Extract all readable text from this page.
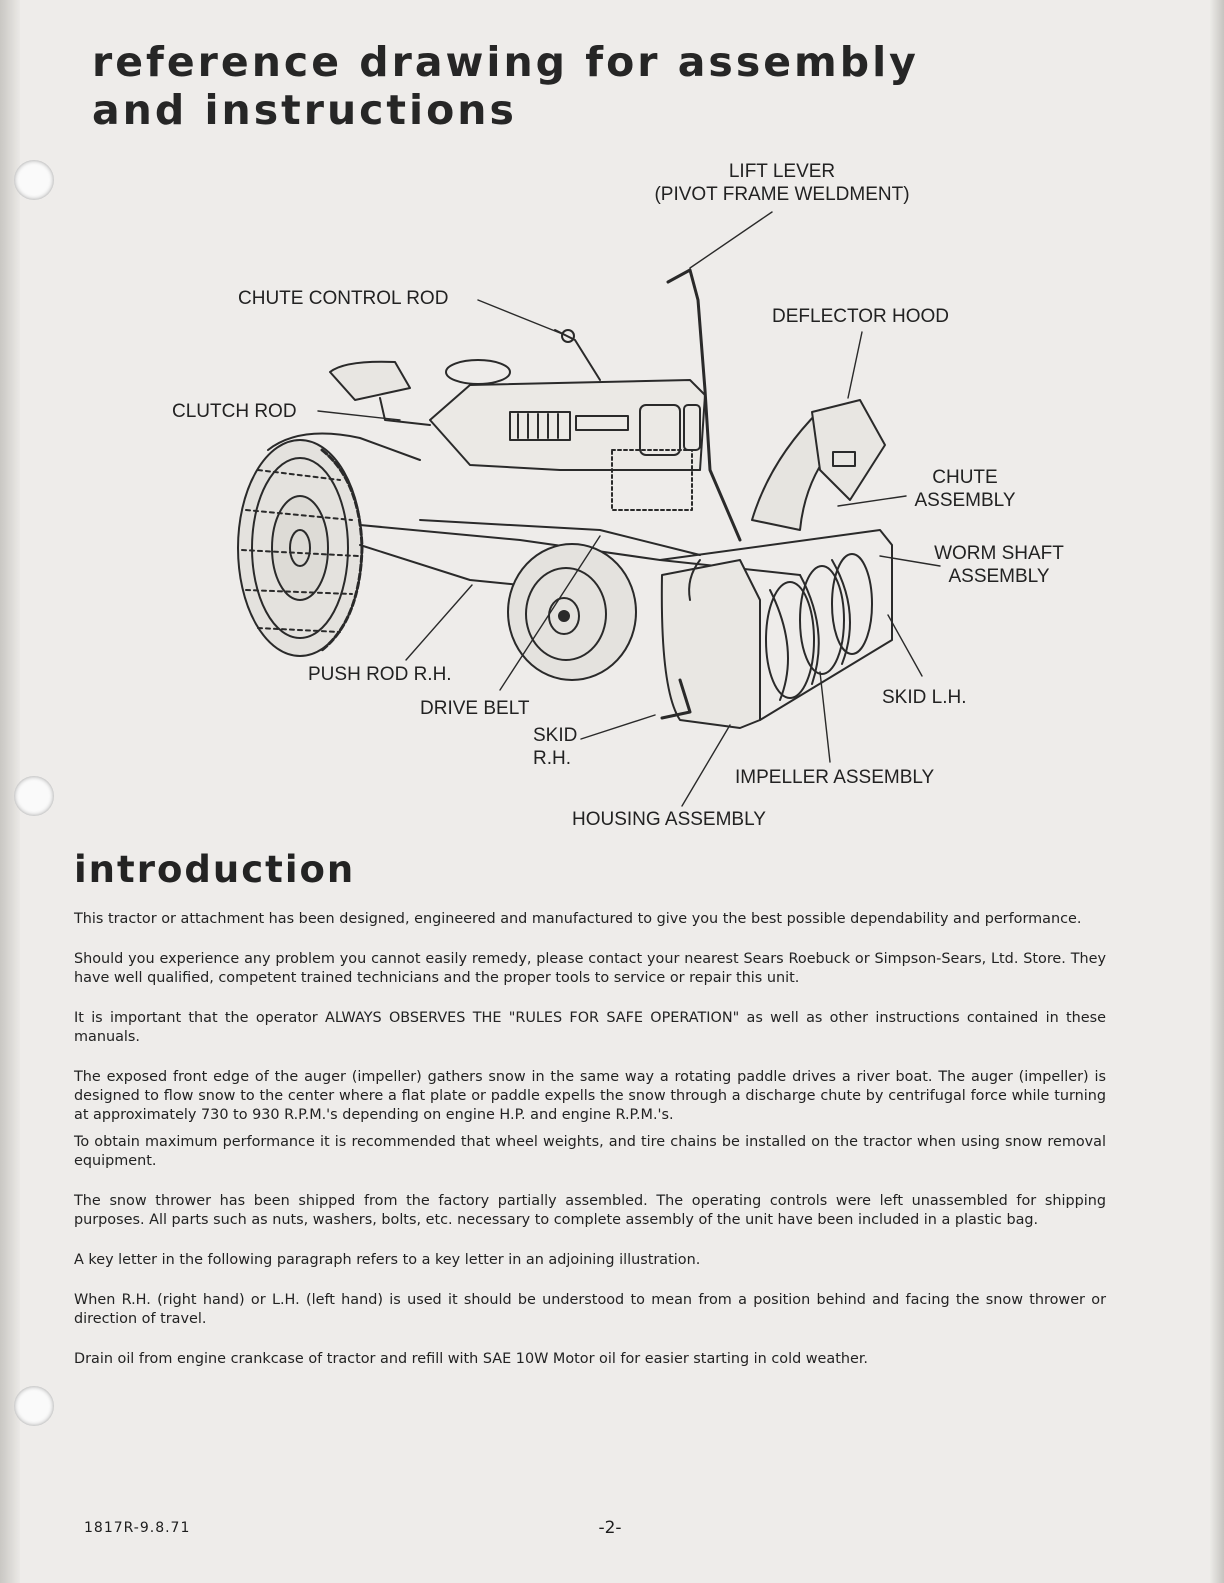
reference drawing for assembly
and instructions
LIFT LEVER
(PIVOT FRAME WELDMENT)
CHUTE CONTROL ROD
DEFLECTOR HOOD
CLUTCH ROD
CHUTE
ASSEMBLY
WORM SHAFT
ASSEMBLY
PUSH ROD R.H.
DRIVE BELT
SKID L.H.
SKID
R.H.
IMPELLER ASSEMBLY
HOUSING ASSEMBLY
introduction

This tractor or attachment has been designed, engineered and manufactured to give you the best possible dependability and performance.

Should you experience any problem you cannot easily remedy, please contact your nearest Sears Roebuck or Simpson-Sears, Ltd. Store. They have well qualified, competent trained technicians and the proper tools to service or repair this unit.

It is important that the operator ALWAYS OBSERVES THE "RULES FOR SAFE OPERATION" as well as other instructions contained in these manuals.

The exposed front edge of the auger (impeller) gathers snow in the same way a rotating paddle drives a river boat. The auger (impeller) is designed to flow snow to the center where a flat plate or paddle expells the snow through a discharge chute by centrifugal force while turning at approximately 730 to 930 R.P.M.'s depending on engine H.P. and engine R.P.M.'s.

To obtain maximum performance it is recommended that wheel weights, and tire chains be installed on the tractor when using snow removal equipment.

The snow thrower has been shipped from the factory partially assembled. The operating controls were left unassembled for shipping purposes. All parts such as nuts, washers, bolts, etc. necessary to complete assembly of the unit have been included in a plastic bag.

A key letter in the following paragraph refers to a key letter in an adjoining illustration.

When R.H. (right hand) or L.H. (left hand) is used it should be understood to mean from a position behind and facing the snow thrower or direction of travel.

Drain oil from engine crankcase of tractor and refill with SAE 10W Motor oil for easier starting in cold weather.

1817R-9.8.71	-2-
